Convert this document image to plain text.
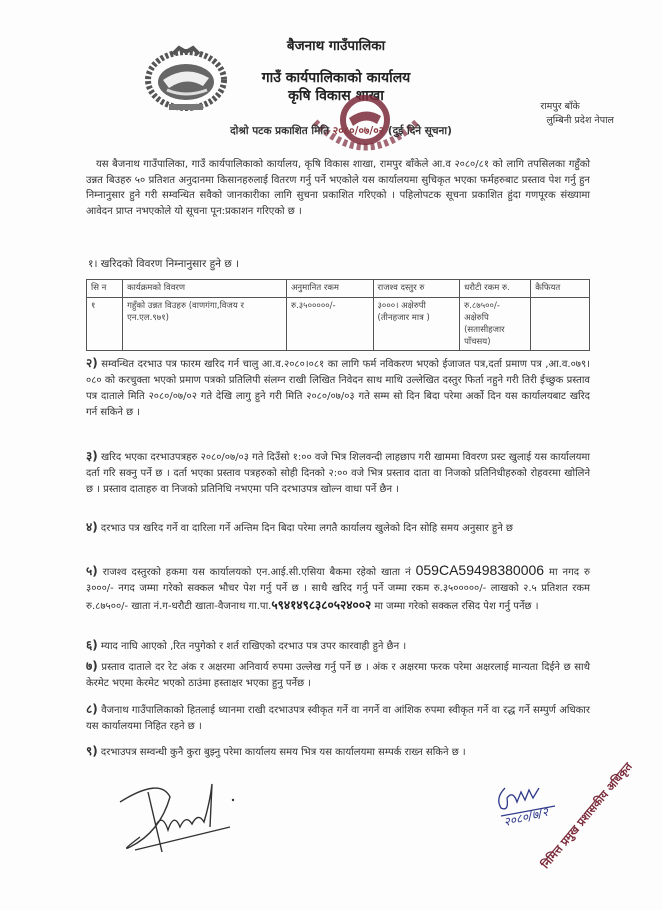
बैजनाथ गाउँपालिका
गाउँ कार्यपालिकाको कार्यालय
कृषि विकास शाखा
रामपुर बाँके
लुम्बिनी प्रदेश नेपाल
दोश्रो पटक प्रकाशित मिति २०८०/०७/०२ (दुई दिने सूचना)
यस बैजनाथ गाउँपालिका, गाउँ कार्यपालिकाको कार्यालय, कृषि विकास शाखा, रामपुर बाँकेले आ.व २०८०/८१ को लागि तपसिलका गहुँको उन्नत बिउहरु ५० प्रतिशत अनुदानमा किसानहरुलाई वितरण गर्नु पर्ने भएकोले यस कार्यालयमा सुचिकृत भएका फर्महरुबाट प्रस्ताव पेश गर्नु हुन निम्नानुसार हुने गरी सम्वन्धित सवैको जानकारीका लागि सुचना प्रकाशित गरिएको । पहिलोपटक सूचना प्रकाशित हुंदा गणपूरक संख्यामा आवेदन प्राप्त नभएकोले यो सूचना पून:प्रकाशन गरिएको छ ।
१। खरिदको विवरण निम्नानुसार हुने छ ।
सि न	कार्यक्रमको विवरण	अनुमानित रकम	राजश्व दस्तुर रु	धरौटी रकम रु.	कैफियत
१	गहुँको उन्नत विउहरु (वाणगंगा,विजय र एन.एल.९७१)	रु.३५०००००/-	३०००। अक्षेरुपी (तीनहजार मात्र )	रु.८७५००/- अक्षेरुपि (सतासीहजार पाँचसय)	
२) सम्वन्धित दरभाउ पत्र फारम खरिद गर्न चालु आ.व.२०८०।०८१ का लागि फर्म नविकरण भएको ईजाजत पत्र,दर्ता प्रमाण पत्र ,आ.व.०७९।०८० को करचुक्ता भएको प्रमाण पत्रको प्रतिलिपी संलग्न राखी लिखित निवेदन साथ माथि उल्लेखित दस्तुर फिर्ता नहुने गरी तिरी ईच्छुक प्रस्ताव पत्र दाताले मिति २०८०/०७/०२ गते देखि लागु हुने गरी मिति २०८०/०७/०३ गते सम्म सो दिन बिदा परेमा अर्को दिन यस कार्यालयबाट खरिद गर्न सकिने छ ।
३) खरिद भएका दरभाउपत्रहरु २०८०/०७/०३ गते दिउँसो १:०० वजे भित्र शिलवन्दी लाहछाप गरी खाममा विवरण प्रस्ट खुलाई यस कार्यालयमा दर्ता गरि सक्नु पर्ने छ । दर्ता भएका प्रस्ताव पत्रहरुको सोही दिनको २:०० वजे भित्र प्रस्ताव दाता वा निजको प्रतिनिधीहरुको रोहवरमा खोलिने छ । प्रस्ताव दाताहरु वा निजको प्रतिनिधि नभएमा पनि दरभाउपत्र खोल्न वाधा पर्ने छैन ।
४) दरभाउ पत्र खरिद गर्ने वा दारिला गर्ने अन्तिम दिन बिदा परेमा लगतै कार्यालय खुलेको दिन सोहि समय अनुसार हुने छ
५) राजश्व दस्तुरको हकमा यस कार्यालयको एन.आई.सी.एसिया बैकमा रहेको खाता नं 059CA59498380006 मा नगद रु ३०००/- नगद जम्मा गरेको सक्कल भौचर पेश गर्नु पर्ने छ । साथै खरिद गर्नु पर्ने जम्मा रकम रु.३५०००००/- लाखको २.५ प्रतिशत रकम रु.८७५००/- खाता नं.ग-धरौटी खाता-वैजनाथ गा.पा.५९४१४९८३८०५२४००२ मा जम्मा गरेको सक्कल रसिद पेश गर्नु पर्नेछ ।
६) म्याद नाघि आएको ,रित नपुगेको र शर्त राखिएको दरभाउ पत्र उपर कारवाही हुने छैन ।
७) प्रस्ताव दाताले दर रेट अंक र अक्षरमा अनिवार्य रुपमा उल्लेख गर्नु पर्ने छ । अंक र अक्षरमा फरक परेमा अक्षरलाई मान्यता दिईने छ साथै केरमेट भएमा केरमेट भएको ठाउंमा हस्ताक्षर भएका हुनु पर्नेछ ।
८) वैजनाथ गाउँपालिकाको हितलाई ध्यानमा राखी दरभाउपत्र स्वीकृत गर्ने वा नगर्ने वा आंशिक रुपमा स्वीकृत गर्ने वा रद्ध गर्ने सम्पुर्ण अधिकार यस कार्यालयमा निहित रहने छ ।
९) दरभाउपत्र सम्वन्धी कुनै कुरा बुझ्नु परेमा कार्यालय समय भित्र यस कार्यालयमा सम्पर्क राख्न सकिने छ ।
२०८०/७/२
निमित्त प्रमुख प्रशासकीय अधिकृत
